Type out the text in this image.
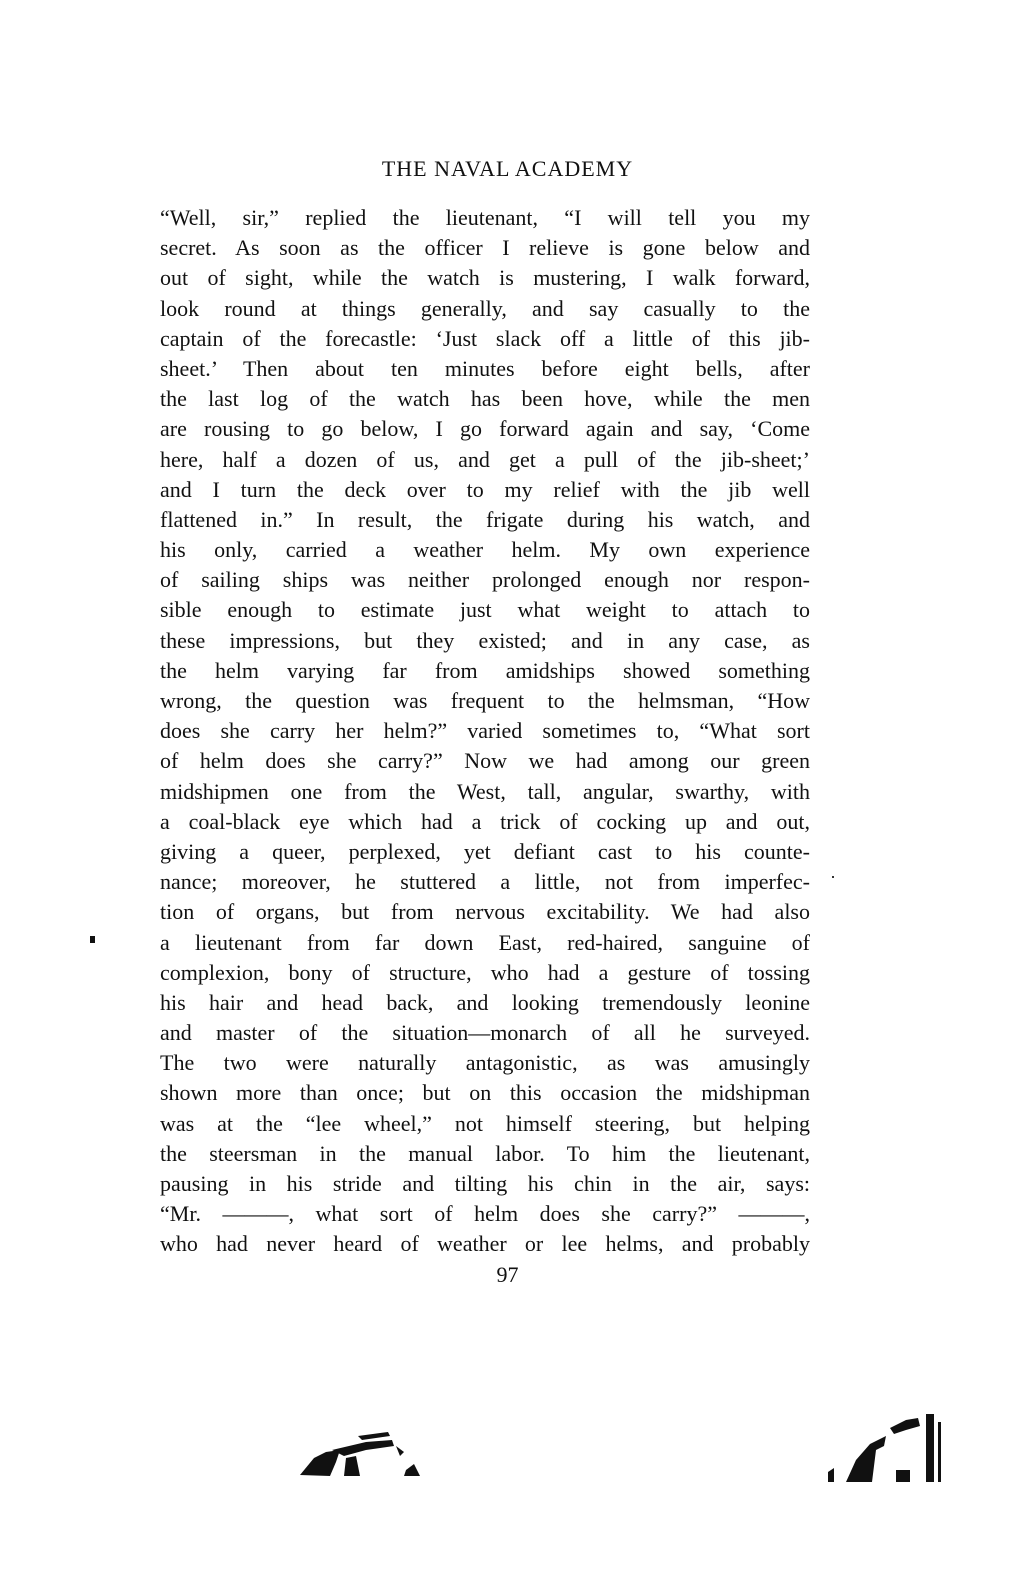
THE NAVAL ACADEMY
“Well, sir,” replied the lieutenant, “I will tell you my
secret. As soon as the officer I relieve is gone below and
out of sight, while the watch is mustering, I walk forward,
look round at things generally, and say casually to the
captain of the forecastle: ‘Just slack off a little of this jib-
sheet.’ Then about ten minutes before eight bells, after
the last log of the watch has been hove, while the men
are rousing to go below, I go forward again and say, ‘Come
here, half a dozen of us, and get a pull of the jib-sheet;’
and I turn the deck over to my relief with the jib well
flattened in.” In result, the frigate during his watch, and
his only, carried a weather helm. My own experience
of sailing ships was neither prolonged enough nor respon-
sible enough to estimate just what weight to attach to
these impressions, but they existed; and in any case, as
the helm varying far from amidships showed something
wrong, the question was frequent to the helmsman, “How
does she carry her helm?” varied sometimes to, “What sort
of helm does she carry?” Now we had among our green
midshipmen one from the West, tall, angular, swarthy, with
a coal-black eye which had a trick of cocking up and out,
giving a queer, perplexed, yet defiant cast to his counte-
nance; moreover, he stuttered a little, not from imperfec-
tion of organs, but from nervous excitability. We had also
a lieutenant from far down East, red-haired, sanguine of
complexion, bony of structure, who had a gesture of tossing
his hair and head back, and looking tremendously leonine
and master of the situation—monarch of all he surveyed.
The two were naturally antagonistic, as was amusingly
shown more than once; but on this occasion the midshipman
was at the “lee wheel,” not himself steering, but helping
the steersman in the manual labor. To him the lieutenant,
pausing in his stride and tilting his chin in the air, says:
“Mr. ———, what sort of helm does she carry?” ———,
who had never heard of weather or lee helms, and probably
97
